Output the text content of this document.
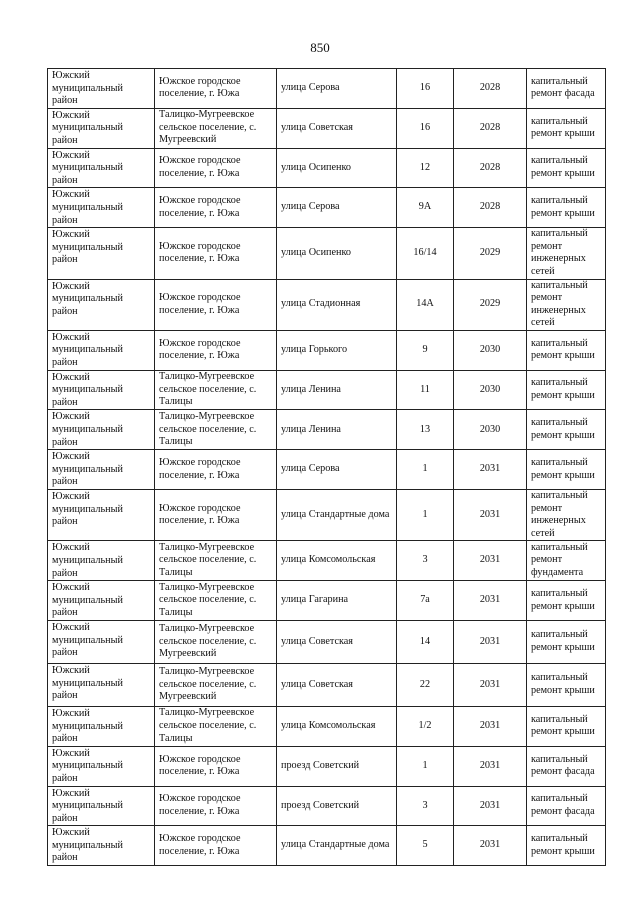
850
Южский муниципальный район	Южское городское поселение, г. Южа	улица Серова	16	2028	капитальный ремонт фасада
Южский муниципальный район	Талицко-Мугреевское сельское поселение, с. Мугреевский	улица Советская	16	2028	капитальный ремонт крыши
Южский муниципальный район	Южское городское поселение, г. Южа	улица Осипенко	12	2028	капитальный ремонт крыши
Южский муниципальный район	Южское городское поселение, г. Южа	улица Серова	9А	2028	капитальный ремонт крыши
Южский муниципальный район	Южское городское поселение, г. Южа	улица Осипенко	16/14	2029	капитальный ремонт инженерных сетей
Южский муниципальный район	Южское городское поселение, г. Южа	улица Стадионная	14А	2029	капитальный ремонт инженерных сетей
Южский муниципальный район	Южское городское поселение, г. Южа	улица Горького	9	2030	капитальный ремонт крыши
Южский муниципальный район	Талицко-Мугреевское сельское поселение, с. Талицы	улица Ленина	11	2030	капитальный ремонт крыши
Южский муниципальный район	Талицко-Мугреевское сельское поселение, с. Талицы	улица Ленина	13	2030	капитальный ремонт крыши
Южский муниципальный район	Южское городское поселение, г. Южа	улица Серова	1	2031	капитальный ремонт крыши
Южский муниципальный район	Южское городское поселение, г. Южа	улица Стандартные дома	1	2031	капитальный ремонт инженерных сетей
Южский муниципальный район	Талицко-Мугреевское сельское поселение, с. Талицы	улица Комсомольская	3	2031	капитальный ремонт фундамента
Южский муниципальный район	Талицко-Мугреевское сельское поселение, с. Талицы	улица Гагарина	7а	2031	капитальный ремонт крыши
Южский муниципальный район	Талицко-Мугреевское сельское поселение, с. Мугреевский	улица Советская	14	2031	капитальный ремонт крыши
Южский муниципальный район	Талицко-Мугреевское сельское поселение, с. Мугреевский	улица Советская	22	2031	капитальный ремонт крыши
Южский муниципальный район	Талицко-Мугреевское сельское поселение, с. Талицы	улица Комсомольская	1/2	2031	капитальный ремонт крыши
Южский муниципальный район	Южское городское поселение, г. Южа	проезд Советский	1	2031	капитальный ремонт фасада
Южский муниципальный район	Южское городское поселение, г. Южа	проезд Советский	3	2031	капитальный ремонт фасада
Южский муниципальный район	Южское городское поселение, г. Южа	улица Стандартные дома	5	2031	капитальный ремонт крыши
